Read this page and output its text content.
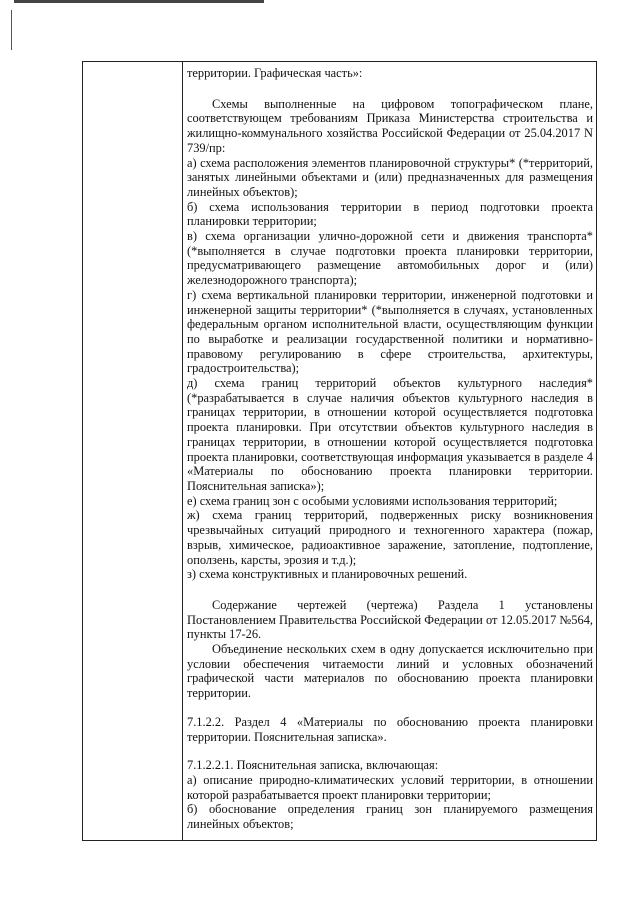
территории. Графическая часть»:

Схемы выполненные на цифровом топографическом плане, соответствующем требованиям Приказа Министерства строительства и жилищно-коммунального хозяйства Российской Федерации от 25.04.2017 N 739/пр:

а) схема расположения элементов планировочной структуры* (*территорий, занятых линейными объектами и (или) предназначенных для размещения линейных объектов);

б) схема использования территории в период подготовки проекта планировки территории;

в) схема организации улично-дорожной сети и движения транспорта* (*выполняется в случае подготовки проекта планировки территории, предусматривающего размещение автомобильных дорог и (или) железнодорожного транспорта);

г) схема вертикальной планировки территории, инженерной подготовки и инженерной защиты территории* (*выполняется в случаях, установленных федеральным органом исполнительной власти, осуществляющим функции по выработке и реализации государственной политики и нормативно-правовому регулированию в сфере строительства, архитектуры, градостроительства);

д) схема границ территорий объектов культурного наследия* (*разрабатывается в случае наличия объектов культурного наследия в границах территории, в отношении которой осуществляется подготовка проекта планировки. При отсутствии объектов культурного наследия в границах территории, в отношении которой осуществляется подготовка проекта планировки, соответствующая информация указывается в разделе 4 «Материалы по обоснованию проекта планировки территории. Пояснительная записка»);

е) схема границ зон с особыми условиями использования территорий;

ж) схема границ территорий, подверженных риску возникновения чрезвычайных ситуаций природного и техногенного характера (пожар, взрыв, химическое, радиоактивное заражение, затопление, подтопление, оползень, карсты, эрозия и т.д.);

з) схема конструктивных и планировочных решений.

Содержание чертежей (чертежа) Раздела 1 установлены Постановлением Правительства Российской Федерации от 12.05.2017 №564, пункты 17-26.

Объединение нескольких схем в одну допускается исключительно при условии обеспечения читаемости линий и условных обозначений графической части материалов по обоснованию проекта планировки территории.

7.1.2.2. Раздел 4 «Материалы по обоснованию проекта планировки территории. Пояснительная записка».

7.1.2.2.1. Пояснительная записка, включающая:

а) описание природно-климатических условий территории, в отношении которой разрабатывается проект планировки территории;

б) обоснование определения границ зон планируемого размещения линейных объектов;
